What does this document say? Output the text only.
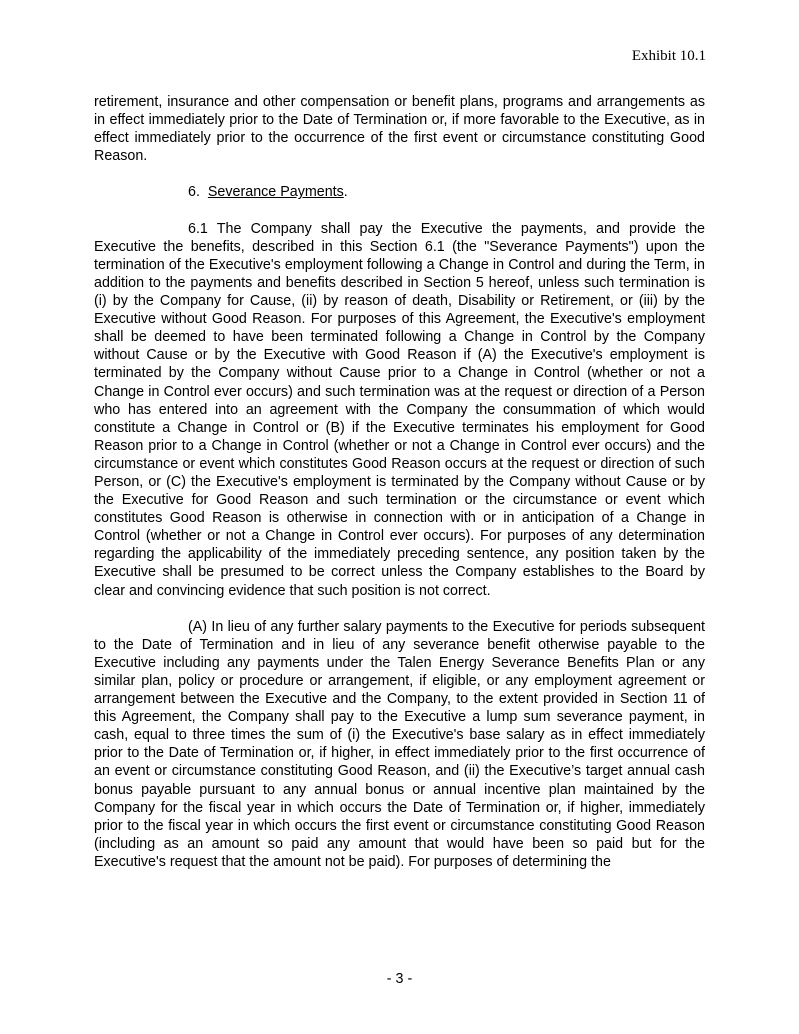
Exhibit 10.1

retirement, insurance and other compensation or benefit plans, programs and arrangements as in effect immediately prior to the Date of Termination or, if more favorable to the Executive, as in effect immediately prior to the occurrence of the first event or circumstance constituting Good Reason.

6. Severance Payments.

6.1 The Company shall pay the Executive the payments, and provide the Executive the benefits, described in this Section 6.1 (the "Severance Payments") upon the termination of the Executive's employment following a Change in Control and during the Term, in addition to the payments and benefits described in Section 5 hereof, unless such termination is (i) by the Company for Cause, (ii) by reason of death, Disability or Retirement, or (iii) by the Executive without Good Reason. For purposes of this Agreement, the Executive's employment shall be deemed to have been terminated following a Change in Control by the Company without Cause or by the Executive with Good Reason if (A) the Executive's employment is terminated by the Company without Cause prior to a Change in Control (whether or not a Change in Control ever occurs) and such termination was at the request or direction of a Person who has entered into an agreement with the Company the consummation of which would constitute a Change in Control or (B) if the Executive terminates his employment for Good Reason prior to a Change in Control (whether or not a Change in Control ever occurs) and the circumstance or event which constitutes Good Reason occurs at the request or direction of such Person, or (C) the Executive's employment is terminated by the Company without Cause or by the Executive for Good Reason and such termination or the circumstance or event which constitutes Good Reason is otherwise in connection with or in anticipation of a Change in Control (whether or not a Change in Control ever occurs). For purposes of any determination regarding the applicability of the immediately preceding sentence, any position taken by the Executive shall be presumed to be correct unless the Company establishes to the Board by clear and convincing evidence that such position is not correct.

(A) In lieu of any further salary payments to the Executive for periods subsequent to the Date of Termination and in lieu of any severance benefit otherwise payable to the Executive including any payments under the Talen Energy Severance Benefits Plan or any similar plan, policy or procedure or arrangement, if eligible, or any employment agreement or arrangement between the Executive and the Company, to the extent provided in Section 11 of this Agreement, the Company shall pay to the Executive a lump sum severance payment, in cash, equal to three times the sum of (i) the Executive's base salary as in effect immediately prior to the Date of Termination or, if higher, in effect immediately prior to the first occurrence of an event or circumstance constituting Good Reason, and (ii) the Executive’s target annual cash bonus payable pursuant to any annual bonus or annual incentive plan maintained by the Company for the fiscal year in which occurs the Date of Termination or, if higher, immediately prior to the fiscal year in which occurs the first event or circumstance constituting Good Reason (including as an amount so paid any amount that would have been so paid but for the Executive's request that the amount not be paid). For purposes of determining the

- 3 -
